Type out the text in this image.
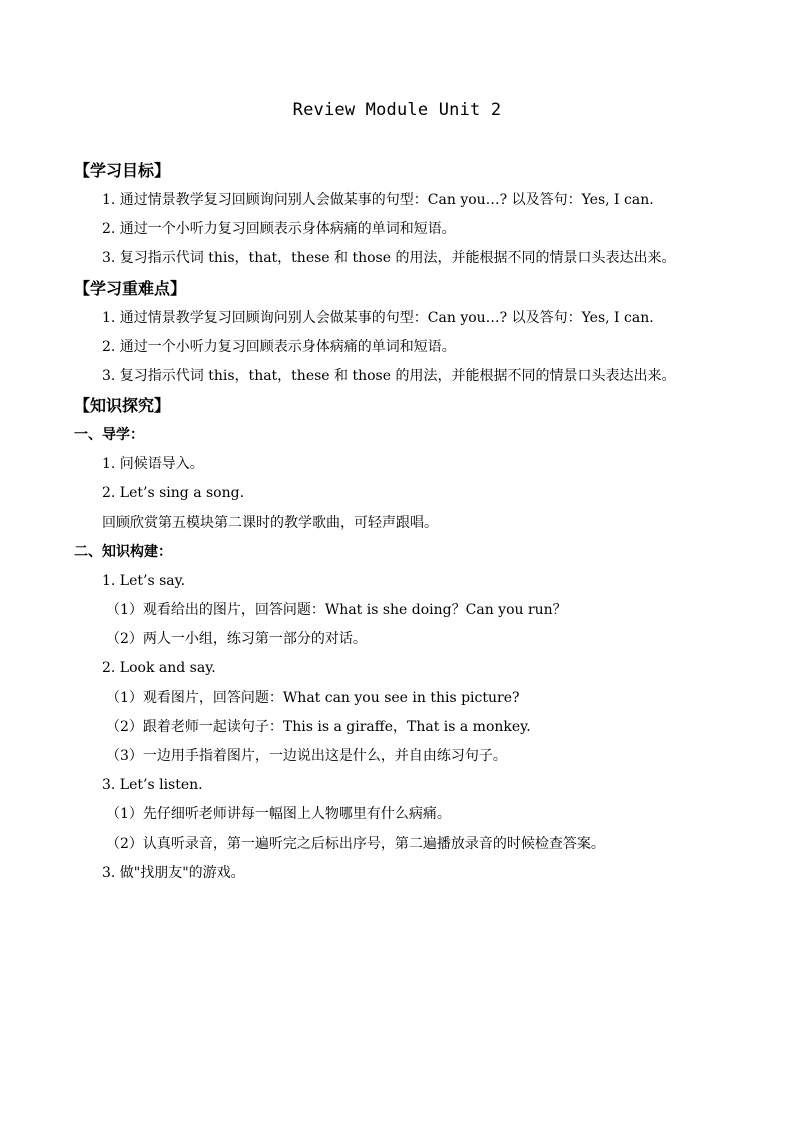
Review Module Unit 2

【学习目标】

1. 通过情景教学复习回顾询问别人会做某事的句型：Can you…? 以及答句：Yes, I can.

2. 通过一个小听力复习回顾表示身体病痛的单词和短语。

3. 复习指示代词 this，that，these 和 those 的用法，并能根据不同的情景口头表达出来。

【学习重难点】

1. 通过情景教学复习回顾询问别人会做某事的句型：Can you…? 以及答句：Yes, I can.

2. 通过一个小听力复习回顾表示身体病痛的单词和短语。

3. 复习指示代词 this，that，these 和 those 的用法，并能根据不同的情景口头表达出来。

【知识探究】

一、导学：

1. 问候语导入。

2. Let’s sing a song.

回顾欣赏第五模块第二课时的教学歌曲，可轻声跟唱。

二、知识构建：

1. Let’s say.

（1）观看给出的图片，回答问题：What is she doing？Can you run？

（2）两人一小组，练习第一部分的对话。

2. Look and say.

（1）观看图片，回答问题：What can you see in this picture?

（2）跟着老师一起读句子：This is a giraffe，That is a monkey.

（3）一边用手指着图片，一边说出这是什么，并自由练习句子。

3. Let’s listen.

（1）先仔细听老师讲每一幅图上人物哪里有什么病痛。

（2）认真听录音，第一遍听完之后标出序号，第二遍播放录音的时候检查答案。

3. 做"找朋友"的游戏。
